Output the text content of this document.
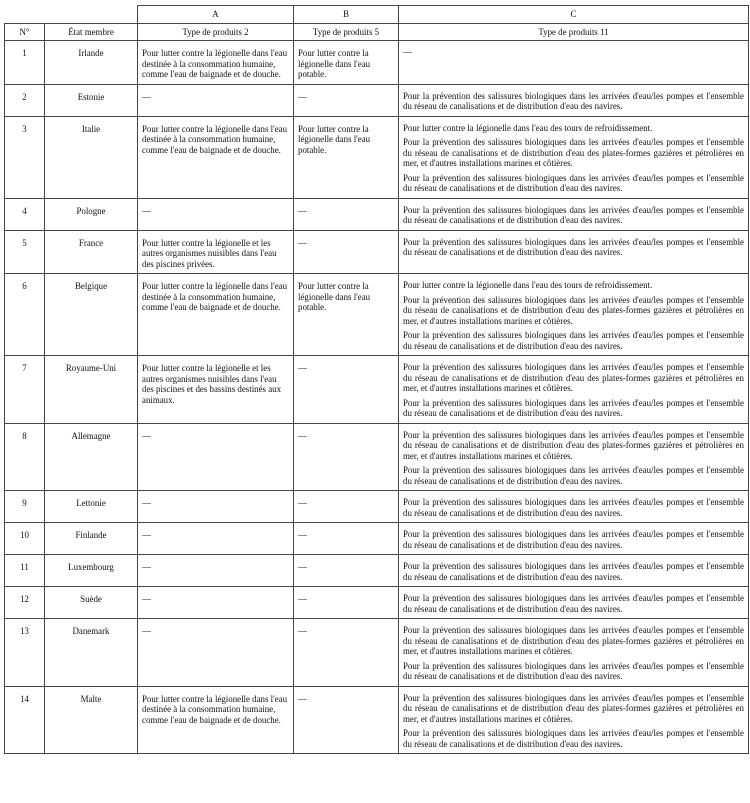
		A	B	C
N°	État membre	Type de produits 2	Type de produits 5	Type de produits 11
1	Irlande	Pour lutter contre la légionelle dans l'eau destinée à la consommation humaine, comme l'eau de baignade et de douche.	Pour lutter contre la légionelle dans l'eau potable.	—

2	Estonie	—	—	Pour la prévention des salissures biologiques dans les arrivées d'eau/les pompes et l'ensemble du réseau de canalisations et de distribution d'eau des navires.

3	Italie	Pour lutter contre la légionelle dans l'eau destinée à la consommation humaine, comme l'eau de baignade et de douche.	Pour lutter contre la légionelle dans l'eau potable.	Pour lutter contre la légionelle dans l'eau des tours de refroidissement.
Pour la prévention des salissures biologiques dans les arrivées d'eau/les pompes et l'ensemble du réseau de canalisations et de distribution d'eau des plates-formes gazières et pétrolières en mer, et d'autres installations marines et côtières.
Pour la prévention des salissures biologiques dans les arrivées d'eau/les pompes et l'ensemble du réseau de canalisations et de distribution d'eau des navires.

4	Pologne	—	—	Pour la prévention des salissures biologiques dans les arrivées d'eau/les pompes et l'ensemble du réseau de canalisations et de distribution d'eau des navires.

5	France	Pour lutter contre la légionelle et les autres organismes nuisibles dans l'eau des piscines privées.	—	Pour la prévention des salissures biologiques dans les arrivées d'eau/les pompes et l'ensemble du réseau de canalisations et de distribution d'eau des navires.

6	Belgique	Pour lutter contre la légionelle dans l'eau destinée à la consommation humaine, comme l'eau de baignade et de douche.	Pour lutter contre la légionelle dans l'eau potable.	Pour lutter contre la légionelle dans l'eau des tours de refroidissement.
Pour la prévention des salissures biologiques dans les arrivées d'eau/les pompes et l'ensemble du réseau de canalisations et de distribution d'eau des plates-formes gazières et pétrolières en mer, et d'autres installations marines et côtières.
Pour la prévention des salissures biologiques dans les arrivées d'eau/les pompes et l'ensemble du réseau de canalisations et de distribution d'eau des navires.

7	Royaume-Uni	Pour lutter contre la légionelle et les autres organismes nuisibles dans l'eau des piscines et des bassins destinés aux animaux.	—	Pour la prévention des salissures biologiques dans les arrivées d'eau/les pompes et l'ensemble du réseau de canalisations et de distribution d'eau des plates-formes gazières et pétrolières en mer, et d'autres installations marines et côtières.
Pour la prévention des salissures biologiques dans les arrivées d'eau/les pompes et l'ensemble du réseau de canalisations et de distribution d'eau des navires.

8	Allemagne	—	—	Pour la prévention des salissures biologiques dans les arrivées d'eau/les pompes et l'ensemble du réseau de canalisations et de distribution d'eau des plates-formes gazières et pétrolières en mer, et d'autres installations marines et côtières.
Pour la prévention des salissures biologiques dans les arrivées d'eau/les pompes et l'ensemble du réseau de canalisations et de distribution d'eau des navires.

9	Lettonie	—	—	Pour la prévention des salissures biologiques dans les arrivées d'eau/les pompes et l'ensemble du réseau de canalisations et de distribution d'eau des navires.

10	Finlande	—	—	Pour la prévention des salissures biologiques dans les arrivées d'eau/les pompes et l'ensemble du réseau de canalisations et de distribution d'eau des navires.

11	Luxembourg	—	—	Pour la prévention des salissures biologiques dans les arrivées d'eau/les pompes et l'ensemble du réseau de canalisations et de distribution d'eau des navires.

12	Suède	—	—	Pour la prévention des salissures biologiques dans les arrivées d'eau/les pompes et l'ensemble du réseau de canalisations et de distribution d'eau des navires.

13	Danemark	—	—	Pour la prévention des salissures biologiques dans les arrivées d'eau/les pompes et l'ensemble du réseau de canalisations et de distribution d'eau des plates-formes gazières et pétrolières en mer, et d'autres installations marines et côtières.
Pour la prévention des salissures biologiques dans les arrivées d'eau/les pompes et l'ensemble du réseau de canalisations et de distribution d'eau des navires.

14	Malte	Pour lutter contre la légionelle dans l'eau destinée à la consommation humaine, comme l'eau de baignade et de douche.	—	Pour la prévention des salissures biologiques dans les arrivées d'eau/les pompes et l'ensemble du réseau de canalisations et de distribution d'eau des plates-formes gazières et pétrolières en mer, et d'autres installations marines et côtières.
Pour la prévention des salissures biologiques dans les arrivées d'eau/les pompes et l'ensemble du réseau de canalisations et de distribution d'eau des navires.
